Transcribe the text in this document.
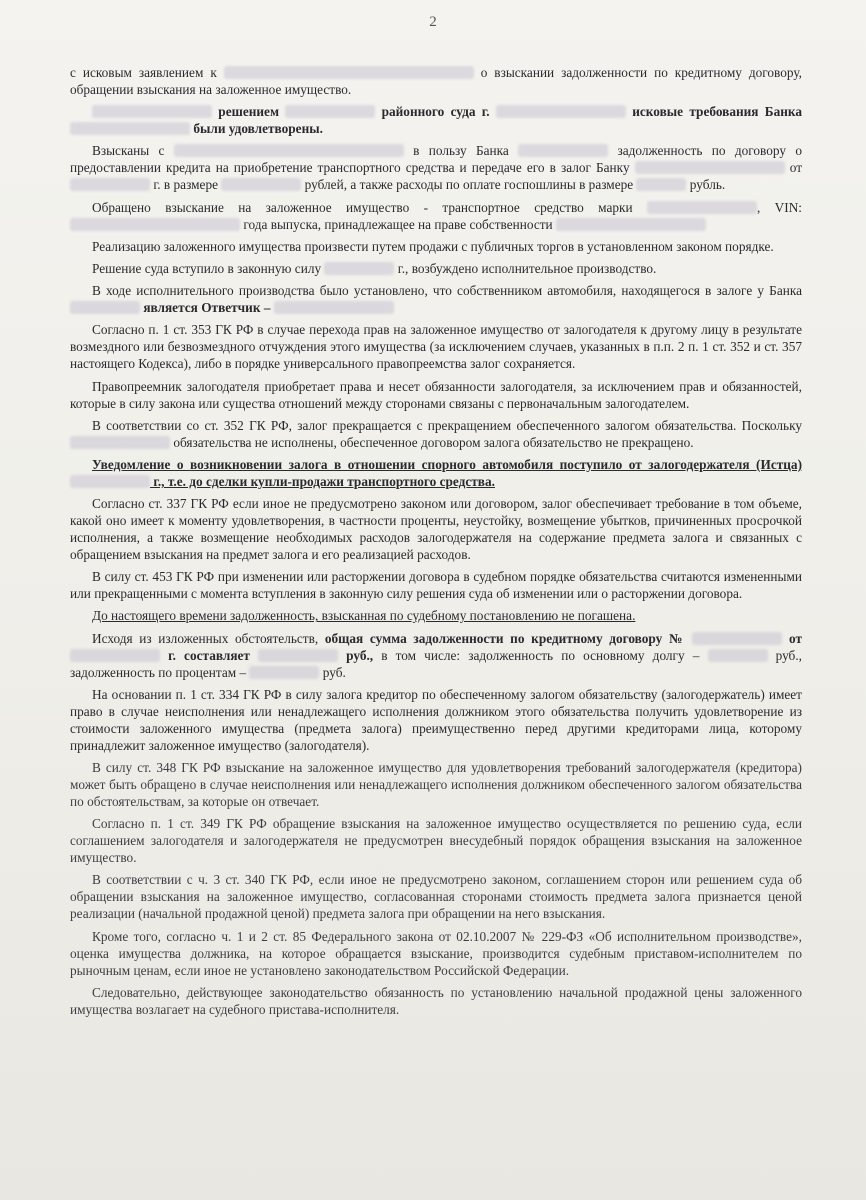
2

с исковым заявлением к	о взыскании задолженности по кредитному договору, обращении взыскания на заложенное имущество.

решением	районного суда г.	исковые требования Банка  были удовлетворены.

Взысканы с	в пользу Банка	задолженность по договору о предоставлении кредита на приобретение транспортного средства и передаче его в залог Банку	от  г. в размере	рублей, а также расходы по оплате госпошлины в размере	рубль.

Обращено взыскание на заложенное имущество - транспортное средство марки	, VIN:  года выпуска, принадлежащее на праве собственности

Реализацию заложенного имущества произвести путем продажи с публичных торгов в установленном законом порядке.

Решение суда вступило в законную силу	г., возбуждено исполнительное производство.

В ходе исполнительного производства было установлено, что собственником автомобиля, находящегося в залоге у Банка  является Ответчик –

Согласно п. 1 ст. 353 ГК РФ в случае перехода прав на заложенное имущество от залогодателя к другому лицу в результате возмездного или безвозмездного отчуждения этого имущества (за исключением случаев, указанных в п.п. 2 п. 1 ст. 352 и ст. 357 настоящего Кодекса), либо в порядке универсального правопреемства залог сохраняется.

Правопреемник залогодателя приобретает права и несет обязанности залогодателя, за исключением прав и обязанностей, которые в силу закона или существа отношений между сторонами связаны с первоначальным залогодателем.

В соответствии со ст. 352 ГК РФ, залог прекращается с прекращением обеспеченного залогом обязательства. Поскольку  обязательства не исполнены, обеспеченное договором залога обязательство не прекращено.

Уведомление о возникновении залога в отношении спорного автомобиля поступило от залогодержателя (Истца)  г., т.е. до сделки купли-продажи транспортного средства.

Согласно ст. 337 ГК РФ если иное не предусмотрено законом или договором, залог обеспечивает требование в том объеме, какой оно имеет к моменту удовлетворения, в частности проценты, неустойку, возмещение убытков, причиненных просрочкой исполнения, а также возмещение необходимых расходов залогодержателя на содержание предмета залога и связанных с обращением взыскания на предмет залога и его реализацией расходов.

В силу ст. 453 ГК РФ при изменении или расторжении договора в судебном порядке обязательства считаются измененными или прекращенными с момента вступления в законную силу решения суда об изменении или о расторжении договора.

До настоящего времени задолженность, взысканная по судебному постановлению не погашена.

Исходя из изложенных обстоятельств, общая сумма задолженности по кредитному договору №	от  г. составляет	руб., в том числе: задолженность по основному долгу –	руб., задолженность по процентам –	руб.

На основании п. 1 ст. 334 ГК РФ в силу залога кредитор по обеспеченному залогом обязательству (залогодержатель) имеет право в случае неисполнения или ненадлежащего исполнения должником этого обязательства получить удовлетворение из стоимости заложенного имущества (предмета залога) преимущественно перед другими кредиторами лица, которому принадлежит заложенное имущество (залогодателя).

В силу ст. 348 ГК РФ взыскание на заложенное имущество для удовлетворения требований залогодержателя (кредитора) может быть обращено в случае неисполнения или ненадлежащего исполнения должником обеспеченного залогом обязательства по обстоятельствам, за которые он отвечает.

Согласно п. 1 ст. 349 ГК РФ обращение взыскания на заложенное имущество осуществляется по решению суда, если соглашением залогодателя и залогодержателя не предусмотрен внесудебный порядок обращения взыскания на заложенное имущество.

В соответствии с ч. 3 ст. 340 ГК РФ, если иное не предусмотрено законом, соглашением сторон или решением суда об обращении взыскания на заложенное имущество, согласованная сторонами стоимость предмета залога признается ценой реализации (начальной продажной ценой) предмета залога при обращении на него взыскания.

Кроме того, согласно ч. 1 и 2 ст. 85 Федерального закона от 02.10.2007 № 229-ФЗ «Об исполнительном производстве», оценка имущества должника, на которое обращается взыскание, производится судебным приставом-исполнителем по рыночным ценам, если иное не установлено законодательством Российской Федерации.

Следовательно, действующее законодательство обязанность по установлению начальной продажной цены заложенного имущества возлагает на судебного пристава-исполнителя.
